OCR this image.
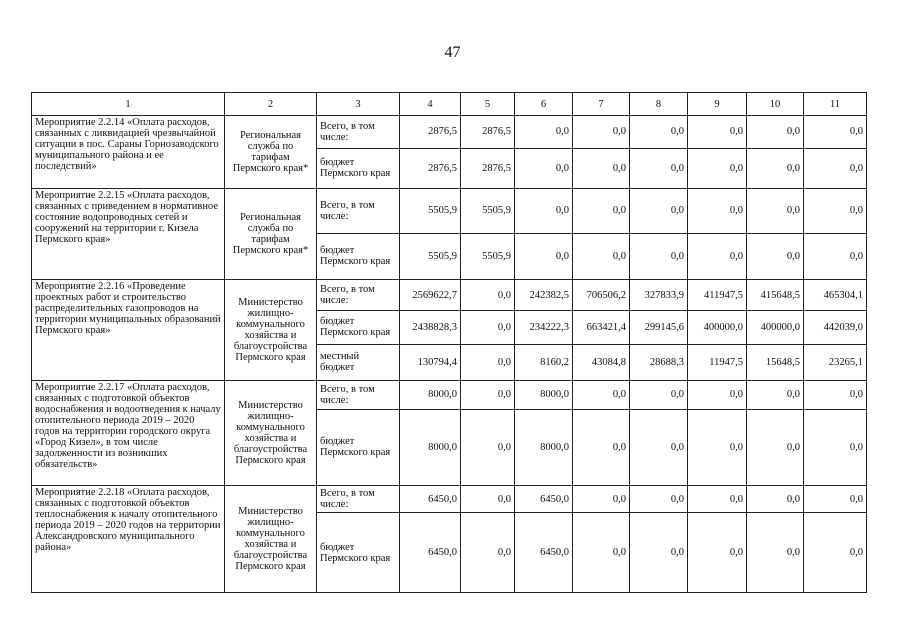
47
1	2	3	4	5	6	7	8	9	10	11
Мероприятие 2.2.14 «Оплата расходов, связанных с ликвидацией чрезвычайной ситуации в пос. Сараны Горнозаводского муниципального района и ее последствий»	Региональная служба по тарифам Пермского края*	Всего, в том числе:	2876,5	2876,5	0,0	0,0	0,0	0,0	0,0	0,0
		бюджет Пермского края	2876,5	2876,5	0,0	0,0	0,0	0,0	0,0	0,0
Мероприятие 2.2.15 «Оплата расходов, связанных с приведением в нормативное состояние водопроводных сетей и сооружений на территории г. Кизела Пермского края»	Региональная служба по тарифам Пермского края*	Всего, в том числе:	5505,9	5505,9	0,0	0,0	0,0	0,0	0,0	0,0
		бюджет Пермского края	5505,9	5505,9	0,0	0,0	0,0	0,0	0,0	0,0
Мероприятие 2.2.16 «Проведение проектных работ и строительство распределительных газопроводов на территории муниципальных образований Пермского края»	Министерство жилищно-коммунального хозяйства и благоустройства Пермского края	Всего, в том числе:	2569622,7	0,0	242382,5	706506,2	327833,9	411947,5	415648,5	465304,1
		бюджет Пермского края	2438828,3	0,0	234222,3	663421,4	299145,6	400000,0	400000,0	442039,0
		местный бюджет	130794,4	0,0	8160,2	43084,8	28688,3	11947,5	15648,5	23265,1
Мероприятие 2.2.17 «Оплата расходов, связанных с подготовкой объектов водоснабжения и водоотведения к началу отопительного периода 2019 – 2020 годов на территории городского округа «Город Кизел», в том числе задолженности из возникших обязательств»	Министерство жилищно-коммунального хозяйства и благоустройства Пермского края	Всего, в том числе:	8000,0	0,0	8000,0	0,0	0,0	0,0	0,0	0,0
		бюджет Пермского края	8000,0	0,0	8000,0	0,0	0,0	0,0	0,0	0,0
Мероприятие 2.2.18 «Оплата расходов, связанных с подготовкой объектов теплоснабжения к началу отопительного периода 2019 – 2020 годов на территории Александровского муниципального района»	Министерство жилищно-коммунального хозяйства и благоустройства Пермского края	Всего, в том числе:	6450,0	0,0	6450,0	0,0	0,0	0,0	0,0	0,0
		бюджет Пермского края	6450,0	0,0	6450,0	0,0	0,0	0,0	0,0	0,0
